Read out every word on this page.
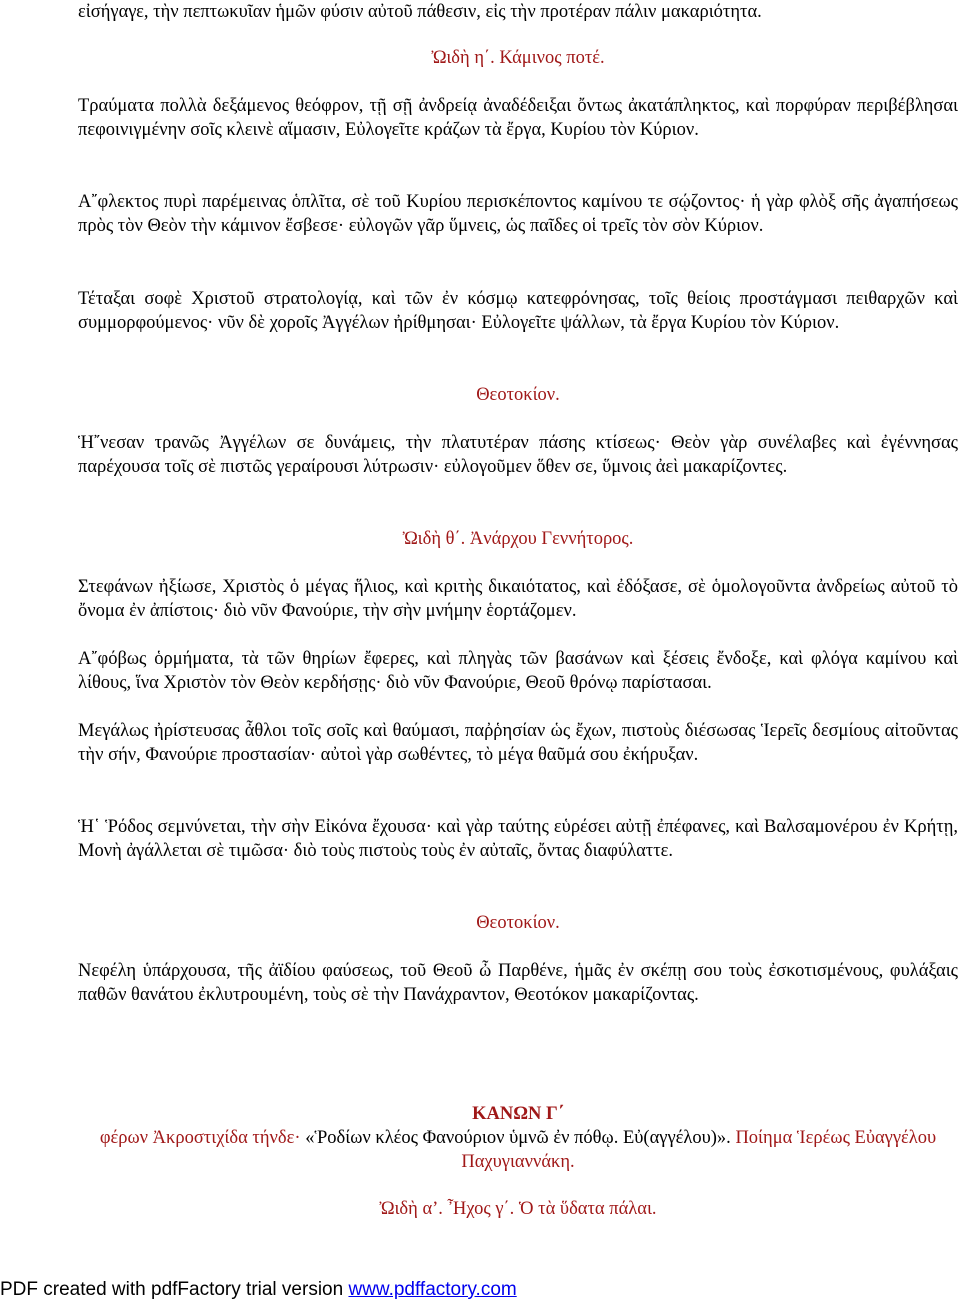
εἰσήγαγε, τὴν πεπτωκυῖαν ἡμῶν φύσιν αὐτοῦ πάθεσιν, εἰς τὴν προτέραν πάλιν μακαριότητα.

Ὠιδὴ η΄. Κάμινος ποτέ.

Τραύματα πολλὰ δεξάμενος θεόφρον, τῇ σῇ ἀνδρείᾳ ἀναδέδειξαι ὄντως ἀκατάπληκτος, καὶ πορφύραν περιβέβλησαι πεφοινιγμένην σοῖς κλεινὲ αἵμασιν, Εὐλογεῖτε κράζων τὰ ἔργα, Κυρίου τὸν Κύριον.

Α῎φλεκτος πυρὶ παρέμεινας ὁπλῖτα, σὲ τοῦ Κυρίου περισκέποντος καμίνου τε σῴζοντος· ἡ γὰρ φλὸξ σῆς ἀγαπήσεως πρὸς τὸν Θεὸν τὴν κάμινον ἔσβεσε· εὐλογῶν γᾶρ ὕμνεις, ὡς παῖδες οἱ τρεῖς τὸν σὸν Κύριον.

Τέταξαι σοφὲ Χριστοῦ στρατολογίᾳ, καὶ τῶν ἐν κόσμῳ κατεφρόνησας, τοῖς θείοις προστάγμασι πειθαρχῶν καὶ συμμορφούμενος· νῦν δὲ χοροῖς Ἀγγέλων ἠρίθμησαι· Εὐλογεῖτε ψάλλων, τὰ ἔργα Κυρίου τὸν Κύριον.

Θεοτοκίον.

Ἡ῎νεσαν τρανῶς Ἀγγέλων σε δυνάμεις, τὴν πλατυτέραν πάσης κτίσεως· Θεὸν γὰρ συνέλαβες καὶ ἐγέννησας παρέχουσα τοῖς σὲ πιστῶς γεραίρουσι λύτρωσιν· εὐλογοῦμεν ὅθεν σε, ὕμνοις ἀεὶ μακαρίζοντες.

Ὠιδὴ θ΄. Ἀνάρχου Γεννήτορος.

Στεφάνων ἠξίωσε, Χριστὸς ὁ μέγας ἥλιος, καὶ κριτὴς δικαιότατος, καὶ ἐδόξασε, σὲ ὁμολογοῦντα ἀνδρείως αὐτοῦ τὸ ὄνομα ἐν ἀπίστοις· διὸ νῦν Φανούριε, τὴν σὴν μνήμην ἑορτάζομεν.

Α῎φόβως ὁρμήματα, τὰ τῶν θηρίων ἔφερες, καὶ πληγὰς τῶν βασάνων καὶ ξέσεις ἔνδοξε, καὶ φλόγα καμίνου καὶ λίθους, ἵνα Χριστὸν τὸν Θεὸν κερδήσῃς· διὸ νῦν Φανούριε, Θεοῦ θρόνῳ παρίστασαι.

Μεγάλως ἠρίστευσας ἆθλοι τοῖς σοῖς καὶ θαύμασι, παῤῥησίαν ὡς ἔχων, πιστοὺς διέσωσας Ἱερεῖς δεσμίους αἰτοῦντας τὴν σήν, Φανούριε προστασίαν· αὐτοὶ γὰρ σωθέντες, τὸ μέγα θαῦμά σου ἐκήρυξαν.

Ἡ῾ Ῥόδος σεμνύνεται, τὴν σὴν Εἰκόνα ἔχουσα· καὶ γὰρ ταύτης εὑρέσει αὐτῇ ἐπέφανες, καὶ Βαλσαμονέρου ἐν Κρήτῃ, Μονὴ ἀγάλλεται σὲ τιμῶσα· διὸ τοὺς πιστοὺς τοὺς ἐν αὐταῖς, ὄντας διαφύλαττε.

Θεοτοκίον.

Νεφέλη ὑπάρχουσα, τῆς ἀϊδίου φαύσεως, τοῦ Θεοῦ ὦ Παρθένε, ἡμᾶς ἐν σκέπῃ σου τοὺς ἐσκοτισμένους, φυλάξαις παθῶν θανάτου ἐκλυτρουμένη, τοὺς σὲ τὴν Πανάχραντον, Θεοτόκον μακαρίζοντας.

ΚΑΝΩΝ Γ΄

φέρων Ἀκροστιχίδα τήνδε· «Ῥοδίων κλέος Φανούριον ὑμνῶ ἐν πόθῳ. Εὐ(αγγέλου)». Ποίημα Ἱερέως Εὐαγγέλου Παχυγιαννάκη.

Ὠιδὴ α’. Ἦχος γ΄. Ὁ τὰ ὕδατα πάλαι.

PDF created with pdfFactory trial version www.pdffactory.com
